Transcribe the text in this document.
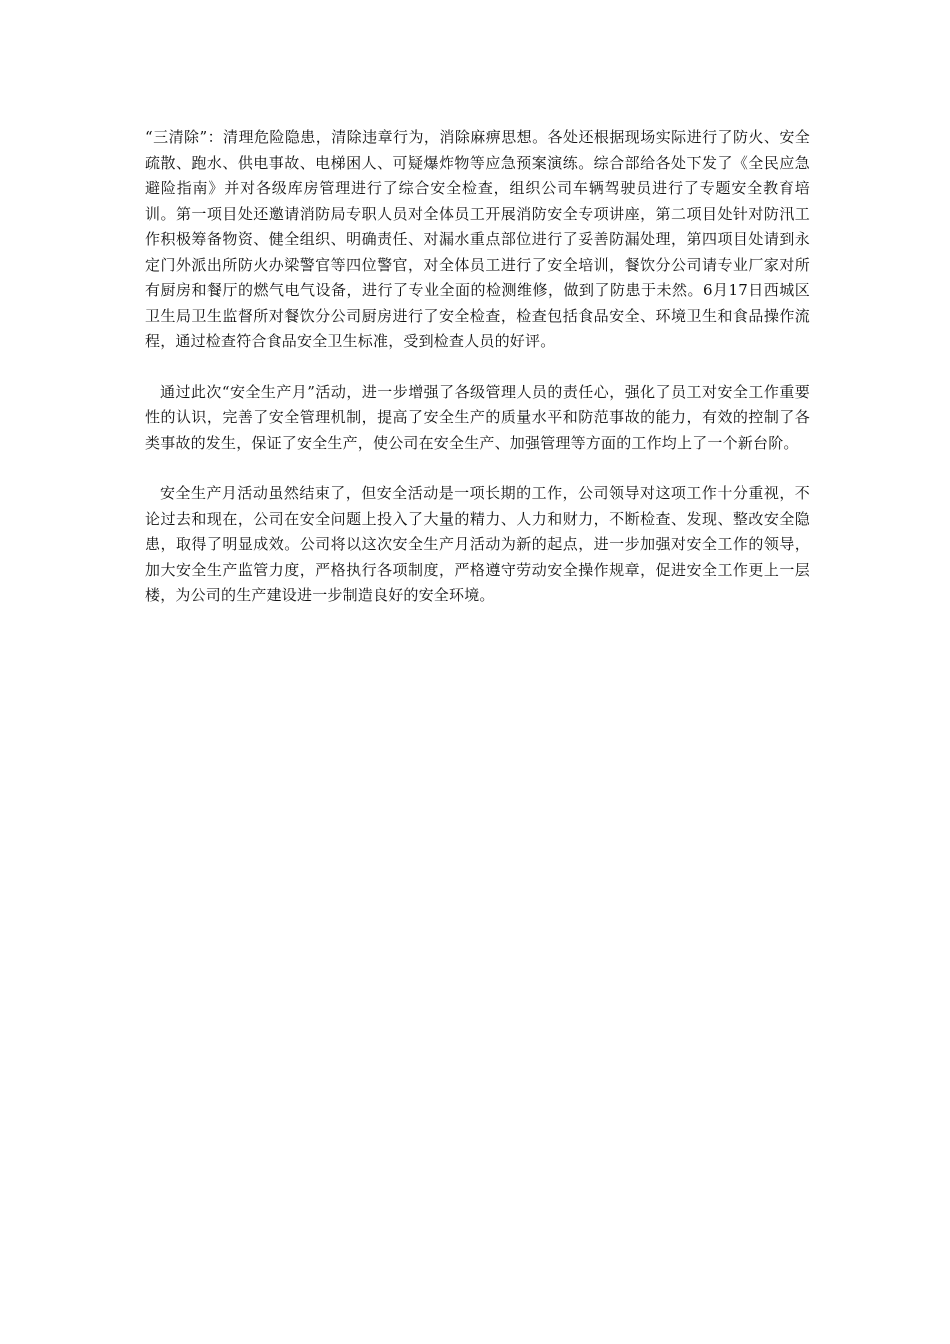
“三清除”：清理危险隐患，清除违章行为，消除麻痹思想。各处还根据现场实际进行了防火、安全疏散、跑水、供电事故、电梯困人、可疑爆炸物等应急预案演练。综合部给各处下发了《全民应急避险指南》并对各级库房管理进行了综合安全检查，组织公司车辆驾驶员进行了专题安全教育培训。第一项目处还邀请消防局专职人员对全体员工开展消防安全专项讲座，第二项目处针对防汛工作积极筹备物资、健全组织、明确责任、对漏水重点部位进行了妥善防漏处理，第四项目处请到永定门外派出所防火办梁警官等四位警官，对全体员工进行了安全培训，餐饮分公司请专业厂家对所有厨房和餐厅的燃气电气设备，进行了专业全面的检测维修，做到了防患于未然。6月17日西城区卫生局卫生监督所对餐饮分公司厨房进行了安全检查，检查包括食品安全、环境卫生和食品操作流程，通过检查符合食品安全卫生标准，受到检查人员的好评。

通过此次“安全生产月”活动，进一步增强了各级管理人员的责任心，强化了员工对安全工作重要性的认识，完善了安全管理机制，提高了安全生产的质量水平和防范事故的能力，有效的控制了各类事故的发生，保证了安全生产，使公司在安全生产、加强管理等方面的工作均上了一个新台阶。

安全生产月活动虽然结束了，但安全活动是一项长期的工作，公司领导对这项工作十分重视，不论过去和现在，公司在安全问题上投入了大量的精力、人力和财力，不断检查、发现、整改安全隐患，取得了明显成效。公司将以这次安全生产月活动为新的起点，进一步加强对安全工作的领导，加大安全生产监管力度，严格执行各项制度，严格遵守劳动安全操作规章，促进安全工作更上一层楼，为公司的生产建设进一步制造良好的安全环境。
